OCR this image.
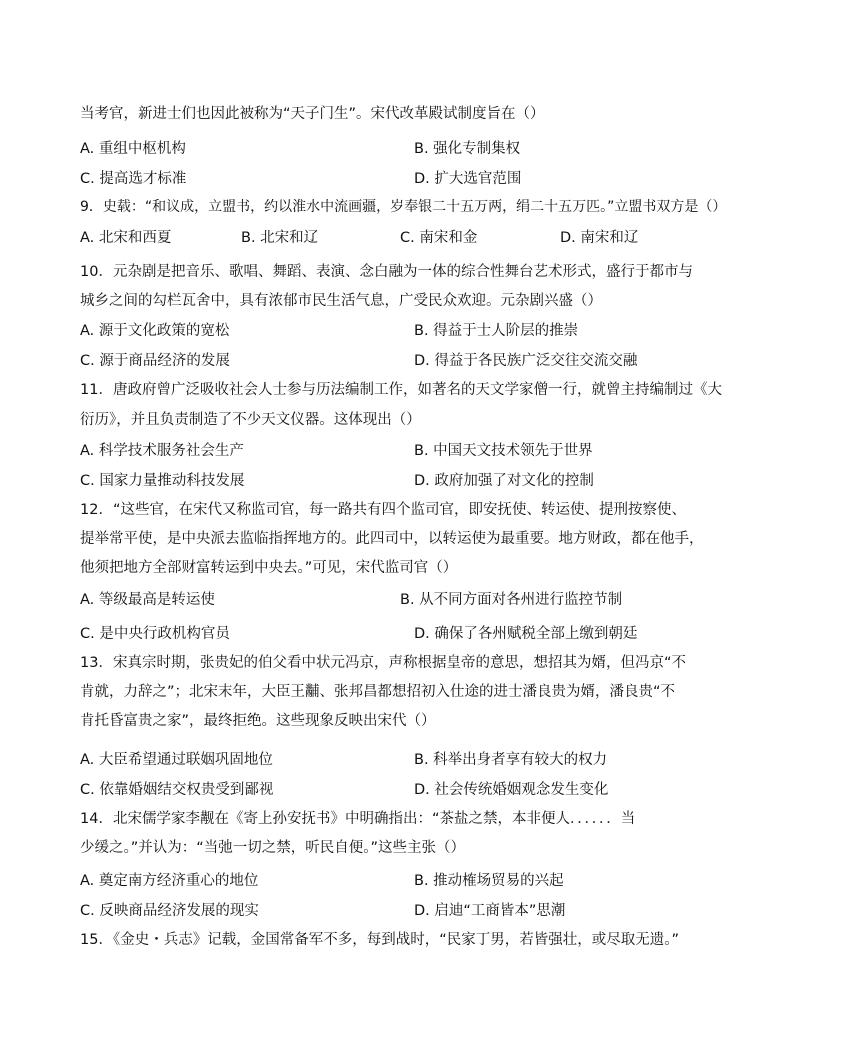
当考官，新进士们也因此被称为“天子门生”。宋代改革殿试制度旨在（）
A. 重组中枢机构	B. 强化专制集权
C. 提高选才标准	D. 扩大选官范围
9．史载：“和议成，立盟书，约以淮水中流画疆，岁奉银二十五万两，绢二十五万匹。”立盟书双方是（）
A. 北宋和西夏	B. 北宋和辽	C. 南宋和金	D. 南宋和辽
10．元杂剧是把音乐、歌唱、舞蹈、表演、念白融为一体的综合性舞台艺术形式，盛行于都市与
城乡之间的勾栏瓦舍中，具有浓郁市民生活气息，广受民众欢迎。元杂剧兴盛（）
A. 源于文化政策的宽松	B. 得益于士人阶层的推崇
C. 源于商品经济的发展	D. 得益于各民族广泛交往交流交融
11．唐政府曾广泛吸收社会人士参与历法编制工作，如著名的天文学家僧一行，就曾主持编制过《大
衍历》，并且负责制造了不少天文仪器。这体现出（）
A. 科学技术服务社会生产	B. 中国天文技术领先于世界
C. 国家力量推动科技发展	D. 政府加强了对文化的控制
12．“这些官，在宋代又称监司官，每一路共有四个监司官，即安抚使、转运使、提刑按察使、
提举常平使，是中央派去监临指挥地方的。此四司中，以转运使为最重要。地方财政，都在他手，
他须把地方全部财富转运到中央去。”可见，宋代监司官（）
A. 等级最高是转运使	B. 从不同方面对各州进行监控节制
C. 是中央行政机构官员	D. 确保了各州赋税全部上缴到朝廷
13．宋真宗时期，张贵妃的伯父看中状元冯京，声称根据皇帝的意思，想招其为婿，但冯京“不
肯就，力辞之”；北宋末年，大臣王黼、张邦昌都想招初入仕途的进士潘良贵为婿，潘良贵“不
肯托昏富贵之家”，最终拒绝。这些现象反映出宋代（）
A. 大臣希望通过联姻巩固地位	B. 科举出身者享有较大的权力
C. 依靠婚姻结交权贵受到鄙视	D. 社会传统婚姻观念发生变化
14．北宋儒学家李觏在《寄上孙安抚书》中明确指出：“茶盐之禁，本非便人．．．．．．当
少缓之。”并认为：“当弛一切之禁，听民自便。”这些主张（）
A. 奠定南方经济重心的地位	B. 推动榷场贸易的兴起
C. 反映商品经济发展的现实	D. 启迪“工商皆本”思潮
15．《金史・兵志》记载，金国常备军不多，每到战时，“民家丁男，若皆强壮，或尽取无遗。”
